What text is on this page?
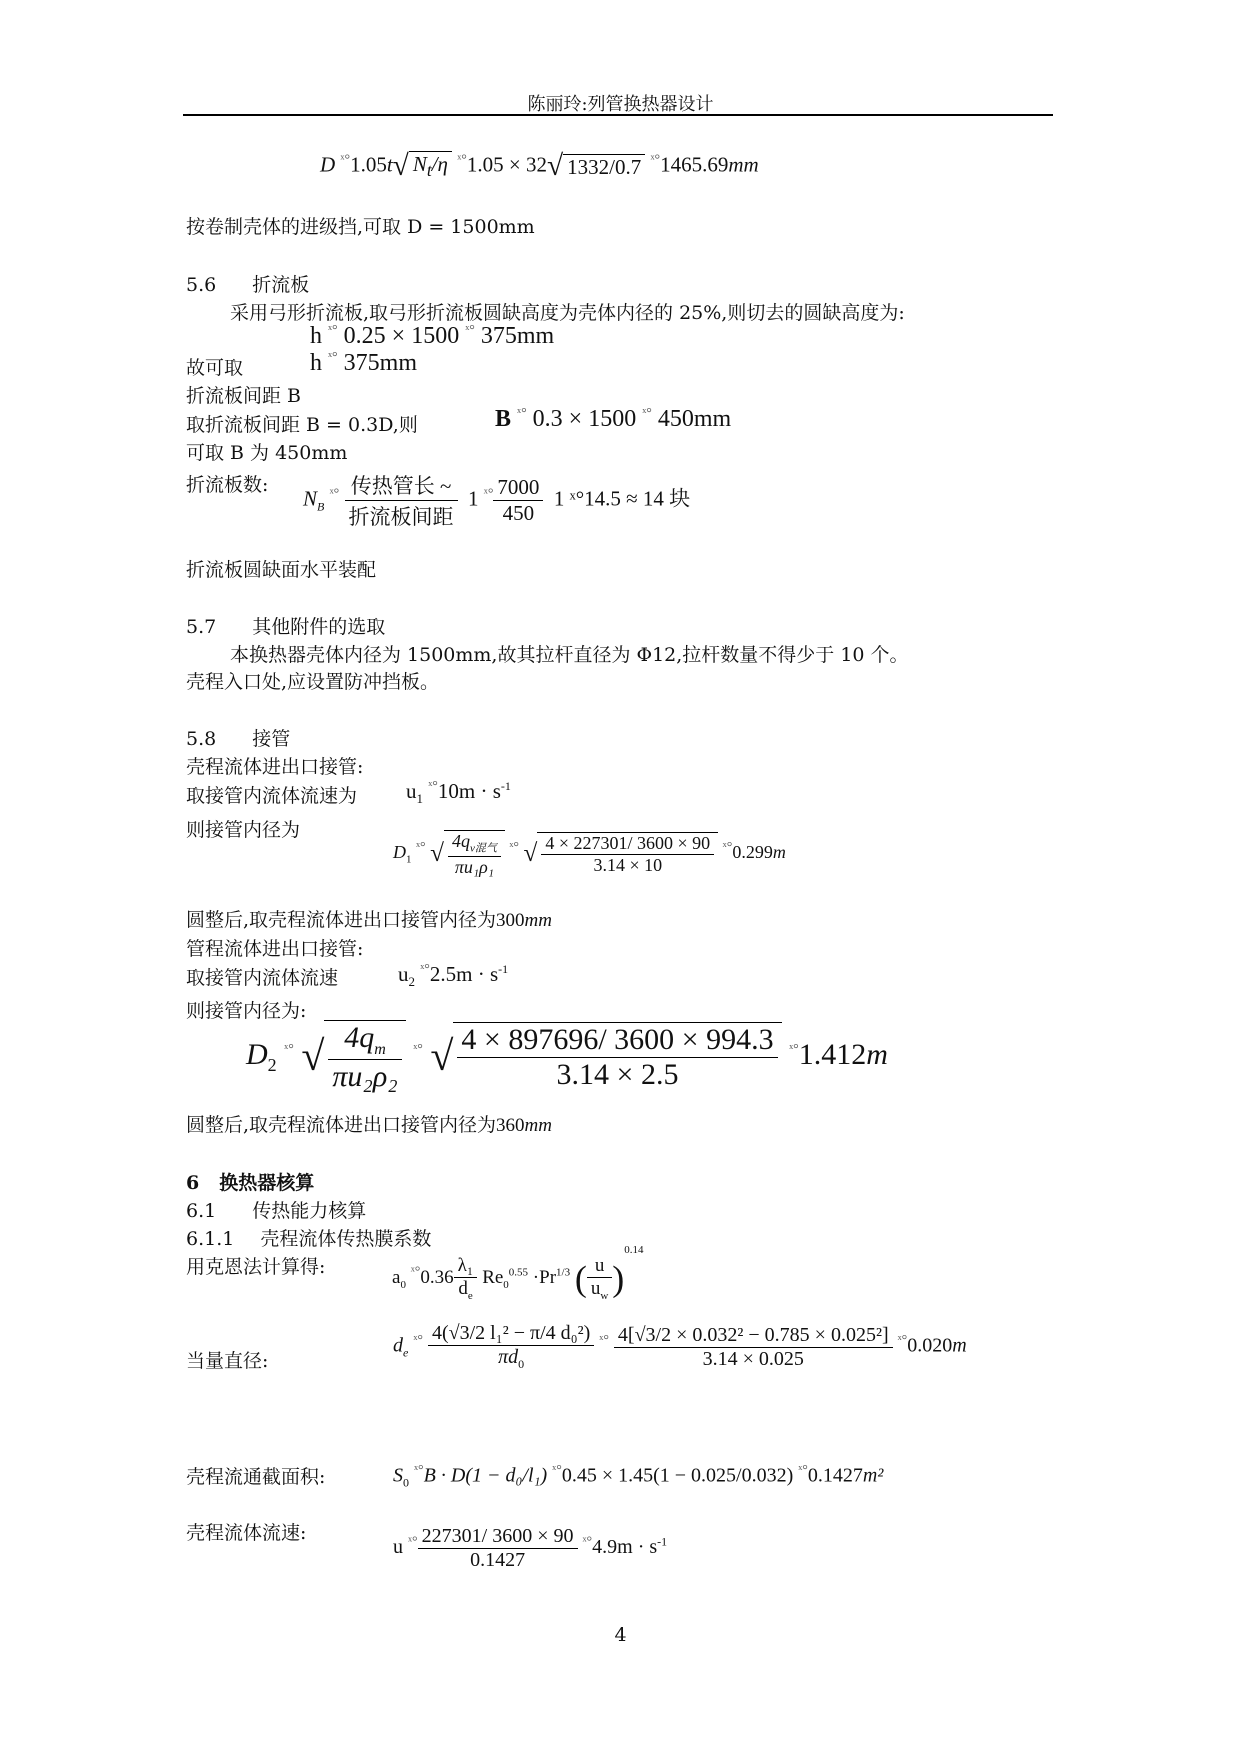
陈丽玲:列管换热器设计
D $^{ˣ^\circ}$1.05t√ $N_t/\eta$ $^{ˣ^\circ}$1.05 × 32√ 1332/0.7 $^{ˣ^\circ}$1465.69mm
按卷制壳体的进级挡,可取 D = 1500mm
5.6 折流板
采用弓形折流板,取弓形折流板圆缺高度为壳体内径的 25%,则切去的圆缺高度为:
h $^{ˣ^\circ}$ 0.25 × 1500 $^{ˣ^\circ}$ 375mm
故可取	h $^{ˣ^\circ}$ 375mm
折流板间距 B
取折流板间距 B = 0.3D,则	B $^{ˣ^\circ}$ 0.3 × 1500 $^{ˣ^\circ}$ 450mm
可取 B 为 450mm
折流板数:
$N_B$ $^{ˣ^\circ} \frac{\text{传热管长 \textasciitilde{}}}{\text{折流板间距}} 1$ $^{ˣ^\circ} \frac{7000}{450} 1$ ˣ°14.5 ≈ 14 块
折流板圆缺面水平装配
5.7 其他附件的选取
本换热器壳体内径为 1500mm,故其拉杆直径为 Φ12,拉杆数量不得少于 10 个。
壳程入口处,应设置防冲挡板。
5.8 接管
壳程流体进出口接管:
取接管内流体流速为 $u_1$ $^{ˣ^\circ}10m \cdot s^{-1}$
则接管内径为
$D_1$ $^{ˣ^\circ}$ √ $\frac{4q_{v混气}}{\text{πu₁ρ₁}} ^{ˣ^\circ}$ √ $\frac{4 \times 227301/ 3600 \times 90}{3.14 \times 10} ^{ˣ^\circ}0.299m$
圆整后,取壳程流体进出口接管内径为300mm
管程流体进出口接管:
取接管内流体流速	$u_2$ $^{ˣ^\circ}2.5m \cdot s^{-1}$
则接管内径为:
$D_2$ $^{ˣ^\circ}$ √ $\frac{4q_m}{\text{πu₂ρ₂}} ^{ˣ^\circ}$ √ $\frac{4 \times 897696/ 3600 \times 994.3}{3.14 \times 2.5} ^{ˣ^\circ}1.412m$
圆整后,取壳程流体进出口接管内径为360mm
6 换热器核算
6.1 传热能力核算
6.1.1 壳程流体传热膜系数
用克恩法计算得:	$a_0$ $^{ˣ^\circ}0.36 \frac{\text{λ₁}}{d_e} Re_0^{0.55} \cdot Pr^{1/3}$ ( $\frac{u}{u_w} )^{0.14}$
当量直径:
$d_e$ $^{ˣ^\circ} \frac{\text{4(√3/2 l₁² − π/4 d₀²)}}{\pi d_0} ^{ˣ^\circ} \frac{\text{4[√3/2 × 0.032² − 0.785 × 0.025²]}}{3.14 \times 0.025} ^{ˣ^\circ}0.020m$
壳程流通截面积:	$S_0$ $^{ˣ^\circ}$B · D(1 − d₀/l₁) $^{ˣ^\circ}$0.45 × 1.45(1 − 0.025/0.032) $^{ˣ^\circ}$0.1427m²
壳程流体流速:
u $^{ˣ^\circ} \frac{227301/ 3600 \times 90}{0.1427} ^{ˣ^\circ}4.9m \cdot s^{-1}$
4
